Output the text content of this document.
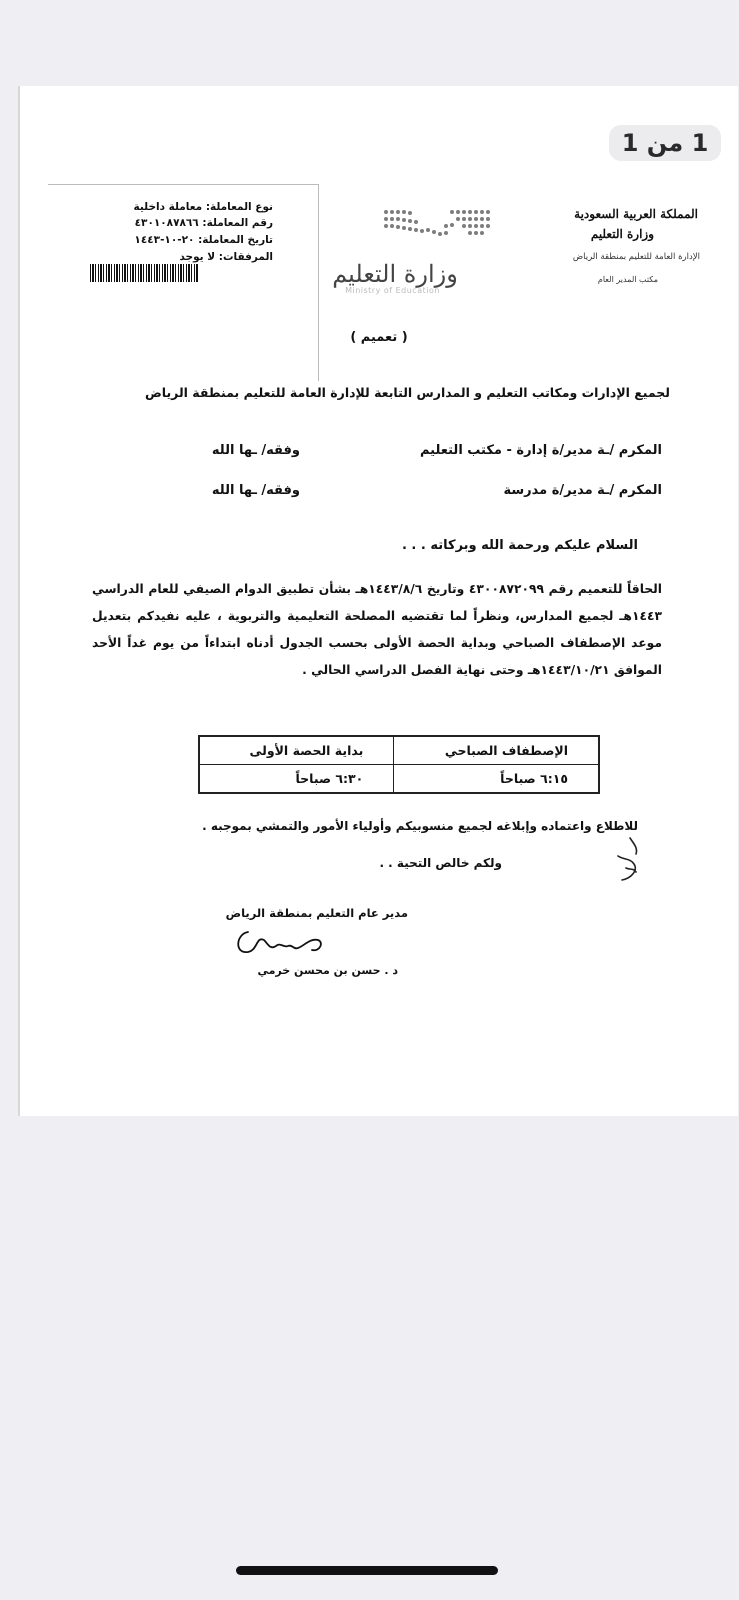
نوع المعاملة: معاملة داخلية
رقم المعاملة: ٤٣٠١٠٨٧٨٦٦
تاريخ المعاملة: ٢٠-١٠-١٤٤٣
المرفقات: لا يوجد
وزارة التعليم
Ministry of Education
المملكة العربية السعودية
وزارة التعليم
الإدارة العامة للتعليم بمنطقة الرياض
مكتب المدير العام
( تعميم )
لجميع الإدارات ومكاتب التعليم و المدارس التابعة للإدارة العامة للتعليم بمنطقة الرياض
المكرم /ـة مدير/ة إدارة - مكتب التعليم
وفقه/ ـها الله
المكرم /ـة مدير/ة مدرسة
وفقه/ ـها الله
السلام عليكم ورحمة الله وبركاته . . .
الحاقاً للتعميم رقم ٤٣٠٠٨٧٢٠٩٩ وتاريخ ١٤٤٣/٨/٦هـ بشأن تطبيق الدوام الصيفي للعام الدراسي ١٤٤٣هـ لجميع المدارس، ونظراً لما تقتضيه المصلحة التعليمية والتربوية ، عليه نفيدكم بتعديل موعد الإصطفاف الصباحي وبداية الحصة الأولى بحسب الجدول أدناه ابتداءاً من يوم غداً الأحد الموافق ١٤٤٣/١٠/٢١هـ وحتى نهاية الفصل الدراسي الحالي .
الإصطفاف الصباحي	بداية الحصة الأولى
٦:١٥ صباحاً	٦:٣٠ صباحاً
للاطلاع واعتماده وإبلاغه لجميع منسوبيكم وأولياء الأمور والتمشي بموجبه .
ولكم خالص التحية . .
مدير عام التعليم بمنطقة الرياض
د . حسن بن محسن خرمي
1 من 1
